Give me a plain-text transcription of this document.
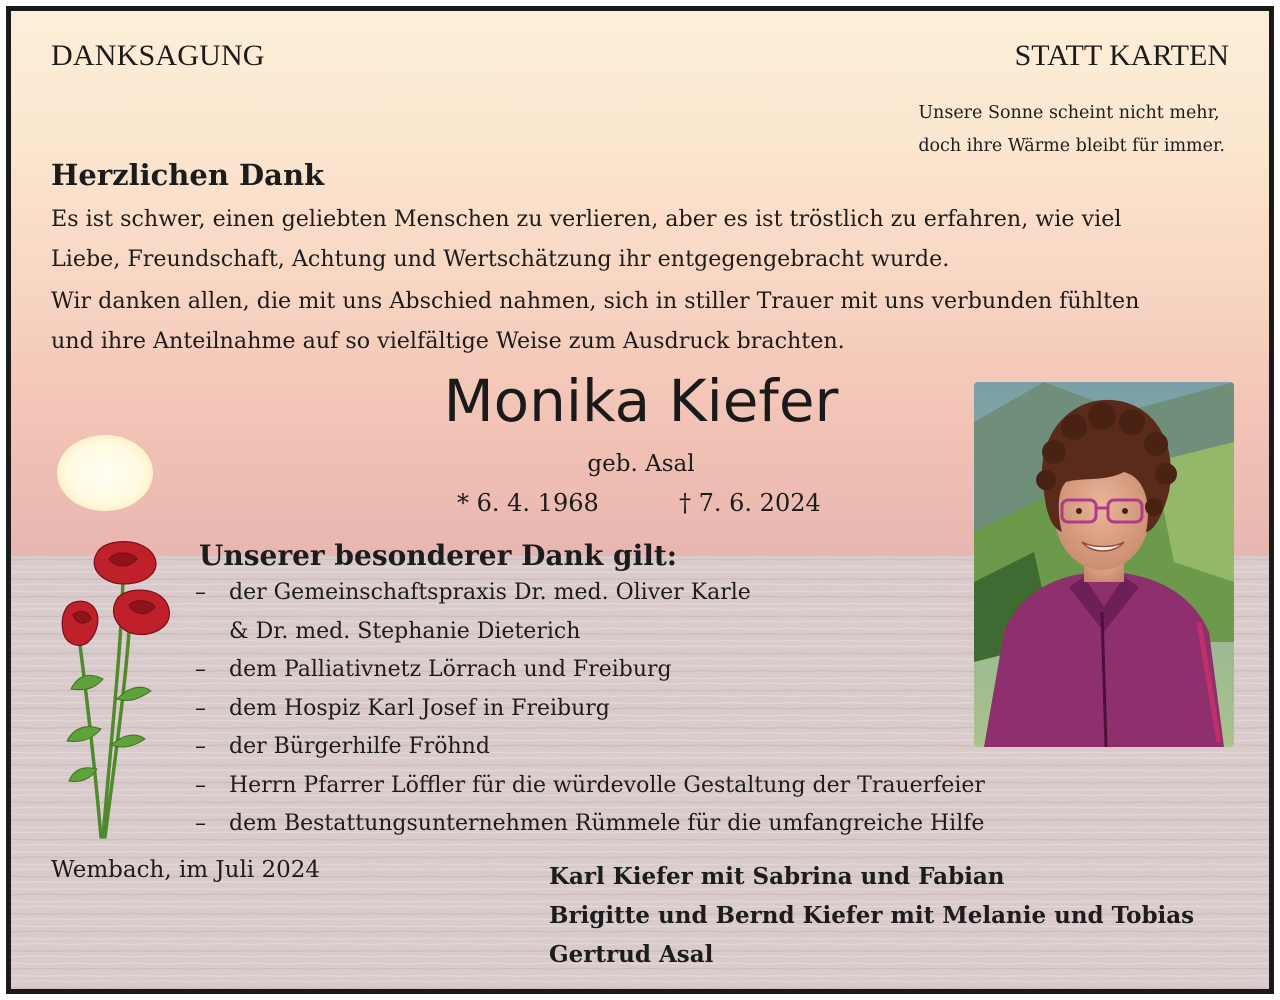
DANKSAGUNG	STATT KARTEN
Unsere Sonne scheint nicht mehr,
doch ihre Wärme bleibt für immer.
Herzlichen Dank
Es ist schwer, einen geliebten Menschen zu verlieren, aber es ist tröstlich zu erfahren, wie viel
Liebe, Freundschaft, Achtung und Wertschätzung ihr entgegengebracht wurde.
Wir danken allen, die mit uns Abschied nahmen, sich in stiller Trauer mit uns verbunden fühlten
und ihre Anteilnahme auf so vielfältige Weise zum Ausdruck brachten.
Monika Kiefer
geb. Asal
* 6. 4. 1968	† 7. 6. 2024
Unserer besonderer Dank gilt:
– der Gemeinschaftspraxis Dr. med. Oliver Karle
& Dr. med. Stephanie Dieterich
– dem Palliativnetz Lörrach und Freiburg
– dem Hospiz Karl Josef in Freiburg
– der Bürgerhilfe Fröhnd
– Herrn Pfarrer Löffler für die würdevolle Gestaltung der Trauerfeier
– dem Bestattungsunternehmen Rümmele für die umfangreiche Hilfe
Wembach, im Juli 2024	Karl Kiefer mit Sabrina und Fabian
Brigitte und Bernd Kiefer mit Melanie und Tobias
Gertrud Asal
